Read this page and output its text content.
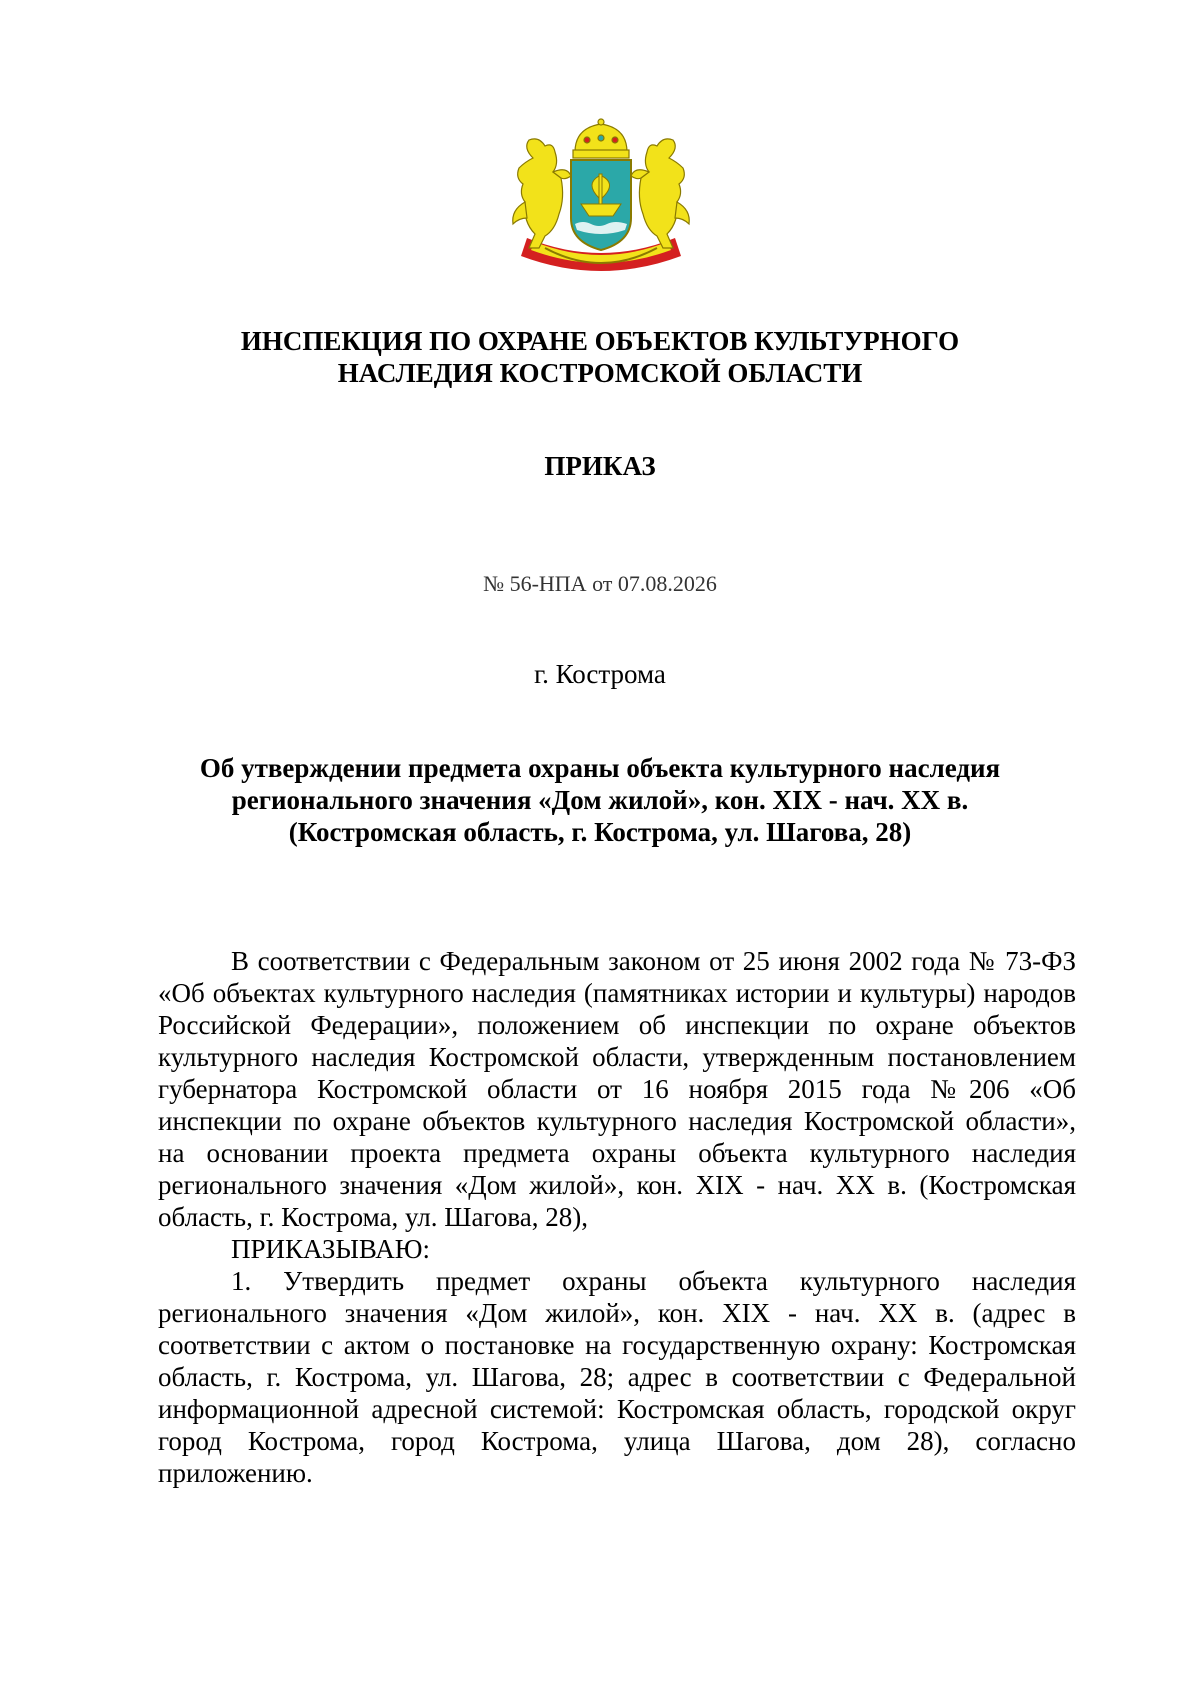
ИНСПЕКЦИЯ ПО ОХРАНЕ ОБЪЕКТОВ КУЛЬТУРНОГО
НАСЛЕДИЯ КОСТРОМСКОЙ ОБЛАСТИ
ПРИКАЗ
№ 56-НПА от 07.08.2026
г. Кострома
Об утверждении предмета охраны объекта культурного наследия
регионального значения «Дом жилой», кон. XIX - нач. XX в.
(Костромская область, г. Кострома, ул. Шагова, 28)

В соответствии с Федеральным законом от 25 июня 2002 года № 73-ФЗ «Об объектах культурного наследия (памятниках истории и культуры) народов Российской Федерации», положением об инспекции по охране объектов культурного наследия Костромской области, утвержденным постановлением губернатора Костромской области от 16 ноября 2015 года №206 «Об инспекции по охране объектов культурного наследия Костромской области», на основании проекта предмета охраны объекта культурного наследия регионального значения «Дом жилой», кон. XIX - нач. XX в. (Костромская область, г. Кострома, ул. Шагова, 28),

ПРИКАЗЫВАЮ:

1. Утвердить предмет охраны объекта культурного наследия регионального значения «Дом жилой», кон. XIX - нач. XX в. (адрес в соответствии с актом о постановке на государственную охрану: Костромская область, г. Кострома, ул. Шагова, 28; адрес в соответствии с Федеральной информационной адресной системой: Костромская область, городской округ город Кострома, город Кострома, улица Шагова, дом 28), согласно приложению.
